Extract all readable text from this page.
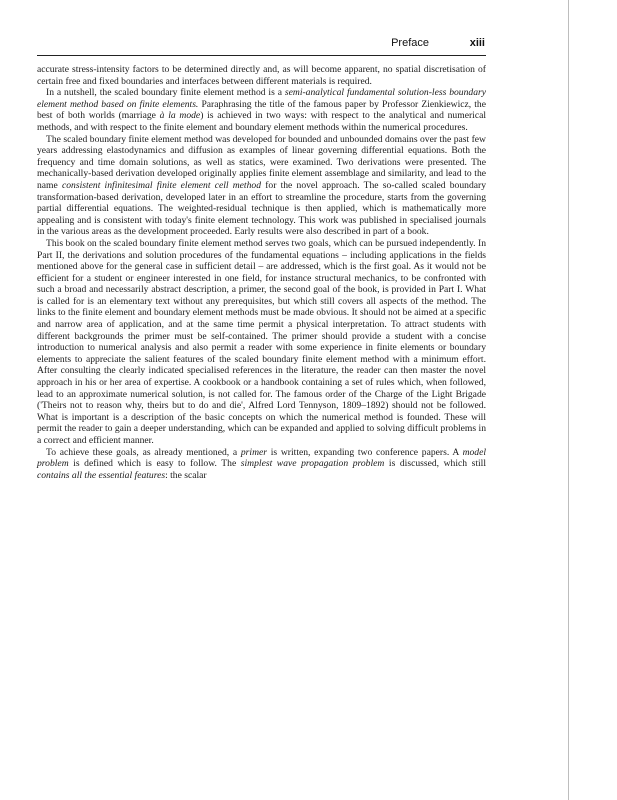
Preface	xiii

accurate stress-intensity factors to be determined directly and, as will become apparent, no spatial discretisation of certain free and fixed boundaries and interfaces between different materials is required.

In a nutshell, the scaled boundary finite element method is a semi-analytical fundamental solution-less boundary element method based on finite elements. Paraphrasing the title of the famous paper by Professor Zienkiewicz, the best of both worlds (marriage à la mode) is achieved in two ways: with respect to the analytical and numerical methods, and with respect to the finite element and boundary element methods within the numerical procedures.

The scaled boundary finite element method was developed for bounded and unbounded domains over the past few years addressing elastodynamics and diffusion as examples of linear governing differential equations. Both the frequency and time domain solutions, as well as statics, were examined. Two derivations were presented. The mechanically-based derivation developed originally applies finite element assemblage and similarity, and lead to the name consistent infinitesimal finite element cell method for the novel approach. The so-called scaled boundary transformation-based derivation, developed later in an effort to streamline the procedure, starts from the governing partial differential equations. The weighted-residual technique is then applied, which is mathematically more appealing and is consistent with today's finite element technology. This work was published in specialised journals in the various areas as the development proceeded. Early results were also described in part of a book.

This book on the scaled boundary finite element method serves two goals, which can be pursued independently. In Part II, the derivations and solution procedures of the fundamental equations – including applications in the fields mentioned above for the general case in sufficient detail – are addressed, which is the first goal. As it would not be efficient for a student or engineer interested in one field, for instance structural mechanics, to be confronted with such a broad and necessarily abstract description, a primer, the second goal of the book, is provided in Part I. What is called for is an elementary text without any prerequisites, but which still covers all aspects of the method. The links to the finite element and boundary element methods must be made obvious. It should not be aimed at a specific and narrow area of application, and at the same time permit a physical interpretation. To attract students with different backgrounds the primer must be self-contained. The primer should provide a student with a concise introduction to numerical analysis and also permit a reader with some experience in finite elements or boundary elements to appreciate the salient features of the scaled boundary finite element method with a minimum effort. After consulting the clearly indicated specialised references in the literature, the reader can then master the novel approach in his or her area of expertise. A cookbook or a handbook containing a set of rules which, when followed, lead to an approximate numerical solution, is not called for. The famous order of the Charge of the Light Brigade ('Theirs not to reason why, theirs but to do and die', Alfred Lord Tennyson, 1809–1892) should not be followed. What is important is a description of the basic concepts on which the numerical method is founded. These will permit the reader to gain a deeper understanding, which can be expanded and applied to solving difficult problems in a correct and efficient manner.

To achieve these goals, as already mentioned, a primer is written, expanding two conference papers. A model problem is defined which is easy to follow. The simplest wave propagation problem is discussed, which still contains all the essential features: the scalar
